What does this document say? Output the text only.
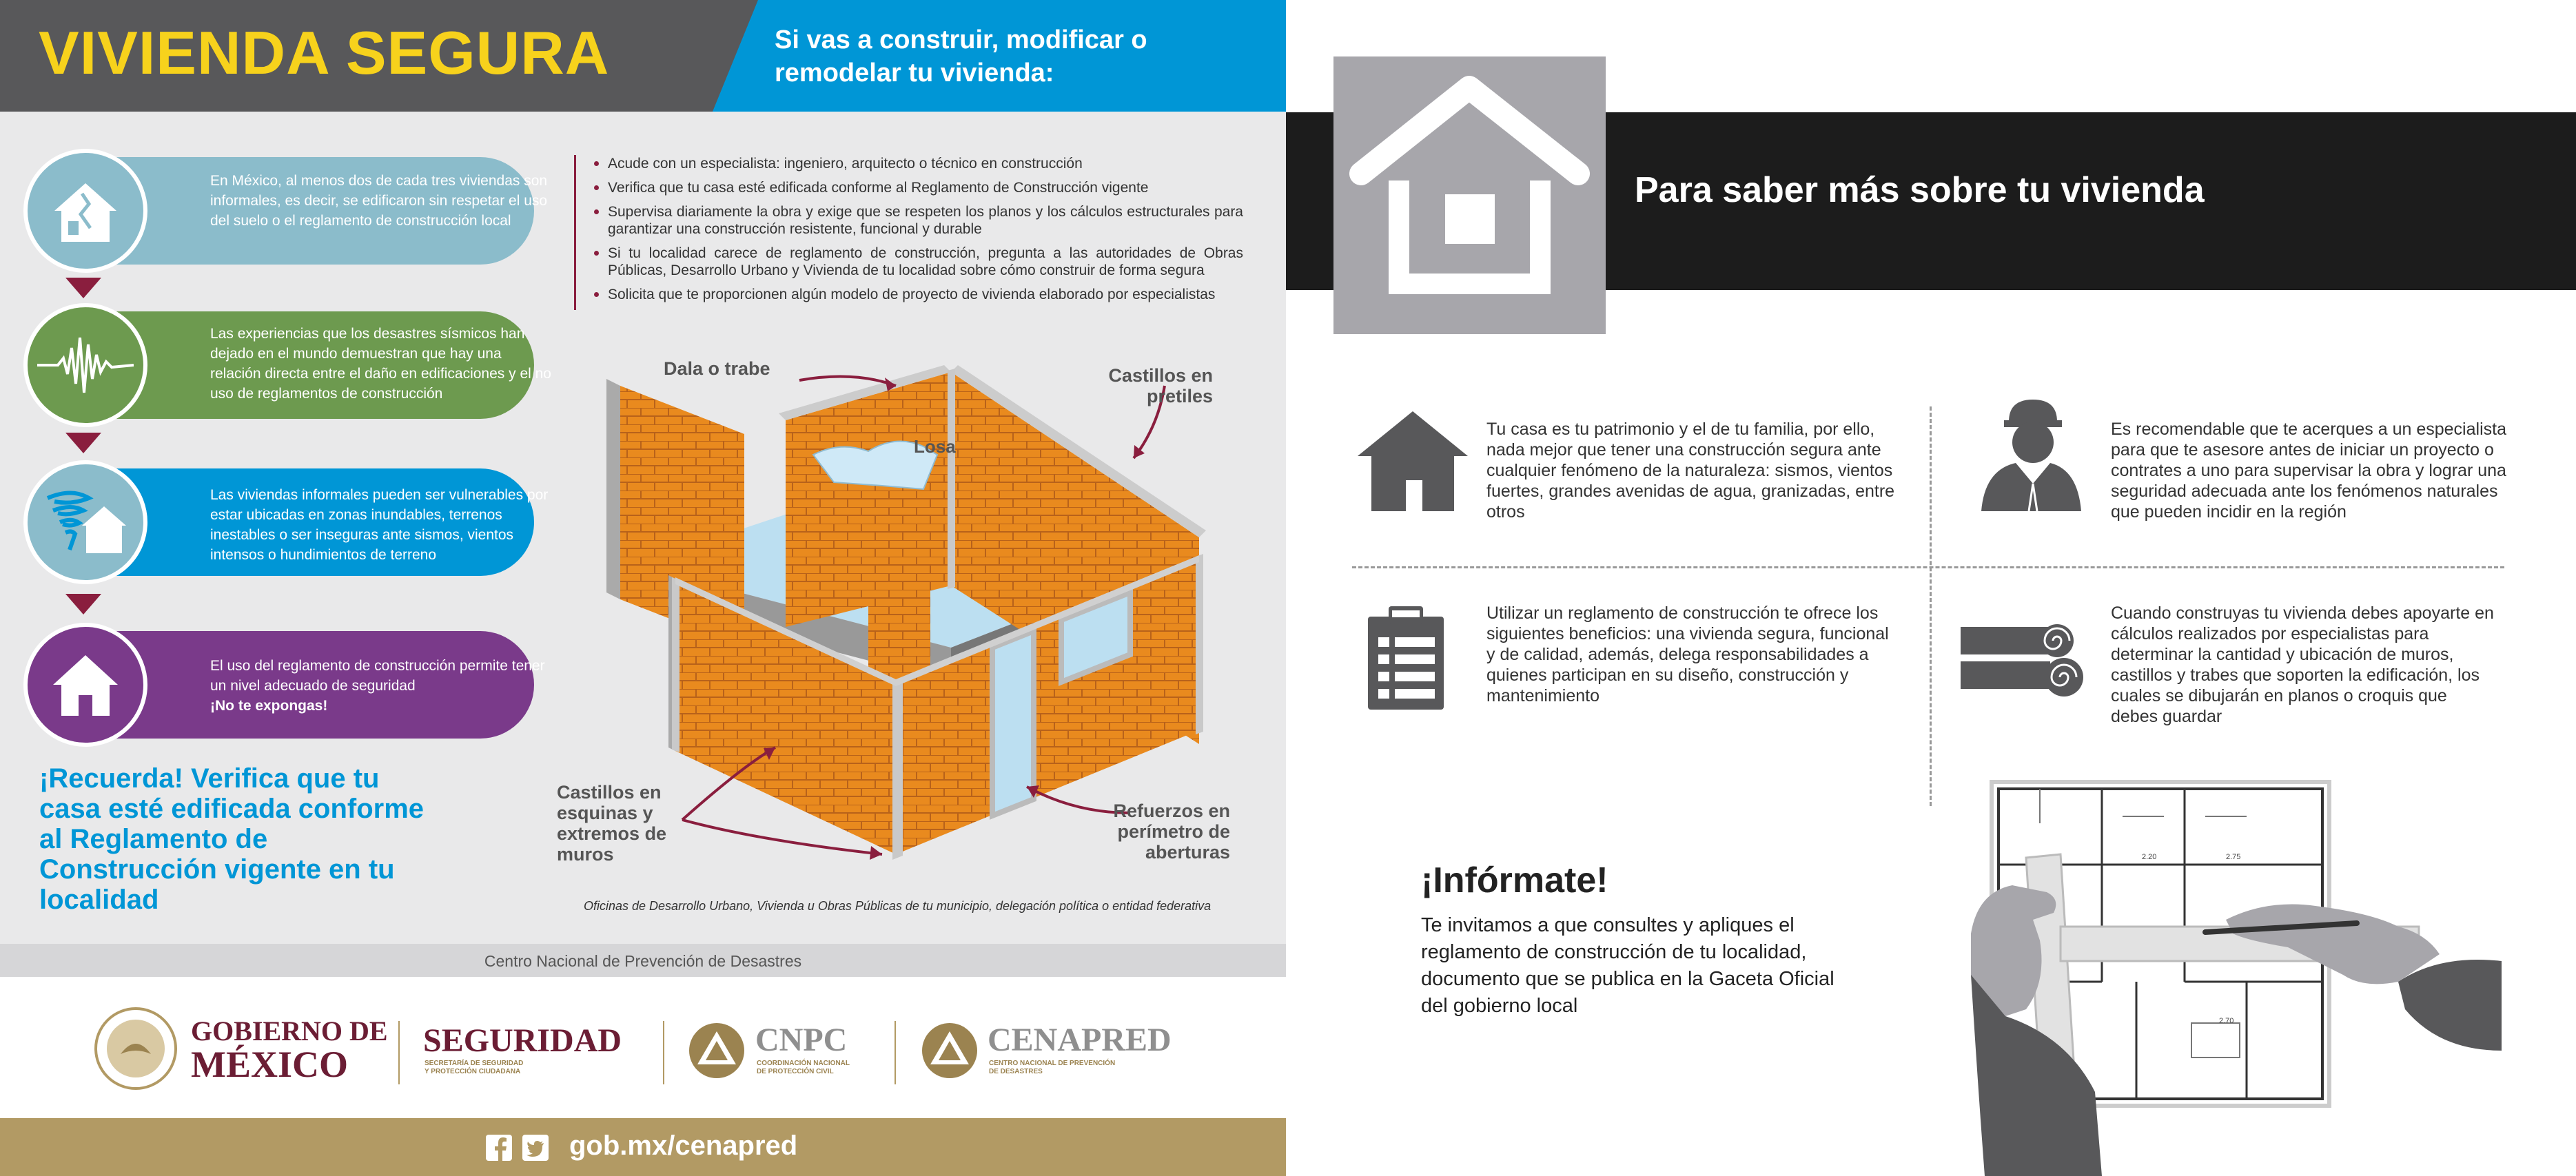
VIVIENDA SEGURA	Si vas a construir, modificar o remodelar tu vivienda:
En México, al menos dos de cada tres viviendas son informales, es decir, se edificaron sin respetar el uso del suelo o el reglamento de construcción local
Las experiencias que los desastres sísmicos han dejado en el mundo demuestran que hay una relación directa entre el daño en edificaciones y el no uso de reglamentos de construcción
Las viviendas informales pueden ser vulnerables por estar ubicadas en zonas inundables, terrenos inestables o ser inseguras ante sismos, vientos intensos o hundimientos de terreno
El uso del reglamento de construcción permite tener un nivel adecuado de seguridad
¡No te expongas!
¡Recuerda! Verifica que tu casa esté edificada conforme al Reglamento de Construcción vigente en tu localidad
Acude con un especialista: ingeniero, arquitecto o técnico en construcción
Verifica que tu casa esté edificada conforme al Reglamento de Construcción vigente
Supervisa diariamente la obra y exige que se respeten los planos y los cálculos estructurales para garantizar una construcción resistente, funcional y durable
Si tu localidad carece de reglamento de construcción, pregunta a las autoridades de Obras Públicas, Desarrollo Urbano y Vivienda de tu localidad sobre cómo construir de forma segura
Solicita que te proporcionen algún modelo de proyecto de vivienda elaborado por especialistas
Dala o trabe	Castillos en pretiles
Losa
Castillos en esquinas y extremos de muros
Refuerzos en perímetro de aberturas
Oficinas de Desarrollo Urbano, Vivienda u Obras Públicas de tu municipio, delegación política o entidad federativa
Centro Nacional de Prevención de Desastres
GOBIERNO DE
MÉXICO
SEGURIDAD
SECRETARÍA DE SEGURIDAD
Y PROTECCIÓN CIUDADANA
CNPC
COORDINACIÓN NACIONAL
DE PROTECCIÓN CIVIL
CENAPRED
CENTRO NACIONAL DE PREVENCIÓN
DE DESASTRES
gob.mx/cenapred
Para saber más sobre tu vivienda
Tu casa es tu patrimonio y el de tu familia, por ello, nada mejor que tener una construcción segura ante cualquier fenómeno de la naturaleza: sismos, vientos fuertes, grandes avenidas de agua, granizadas, entre otros
Es recomendable que te acerques a un especialista para que te asesore antes de iniciar un proyecto o contrates a uno para supervisar la obra y lograr una seguridad adecuada ante los fenómenos naturales que pueden incidir en la región
Utilizar un reglamento de construcción te ofrece los siguientes beneficios: una vivienda segura, funcional y de calidad, además, delega responsabilidades a quienes participan en su diseño, construcción y mantenimiento
Cuando construyas tu vivienda debes apoyarte en cálculos realizados por especialistas para determinar la cantidad y ubicación de muros, castillos y trabes que soporten la edificación, los cuales se dibujarán en planos o croquis que debes guardar
¡Infórmate!
Te invitamos a que consultes y apliques el reglamento de construcción de tu localidad, documento que se publica en la Gaceta Oficial del gobierno local
2.20	2.75
2.70
